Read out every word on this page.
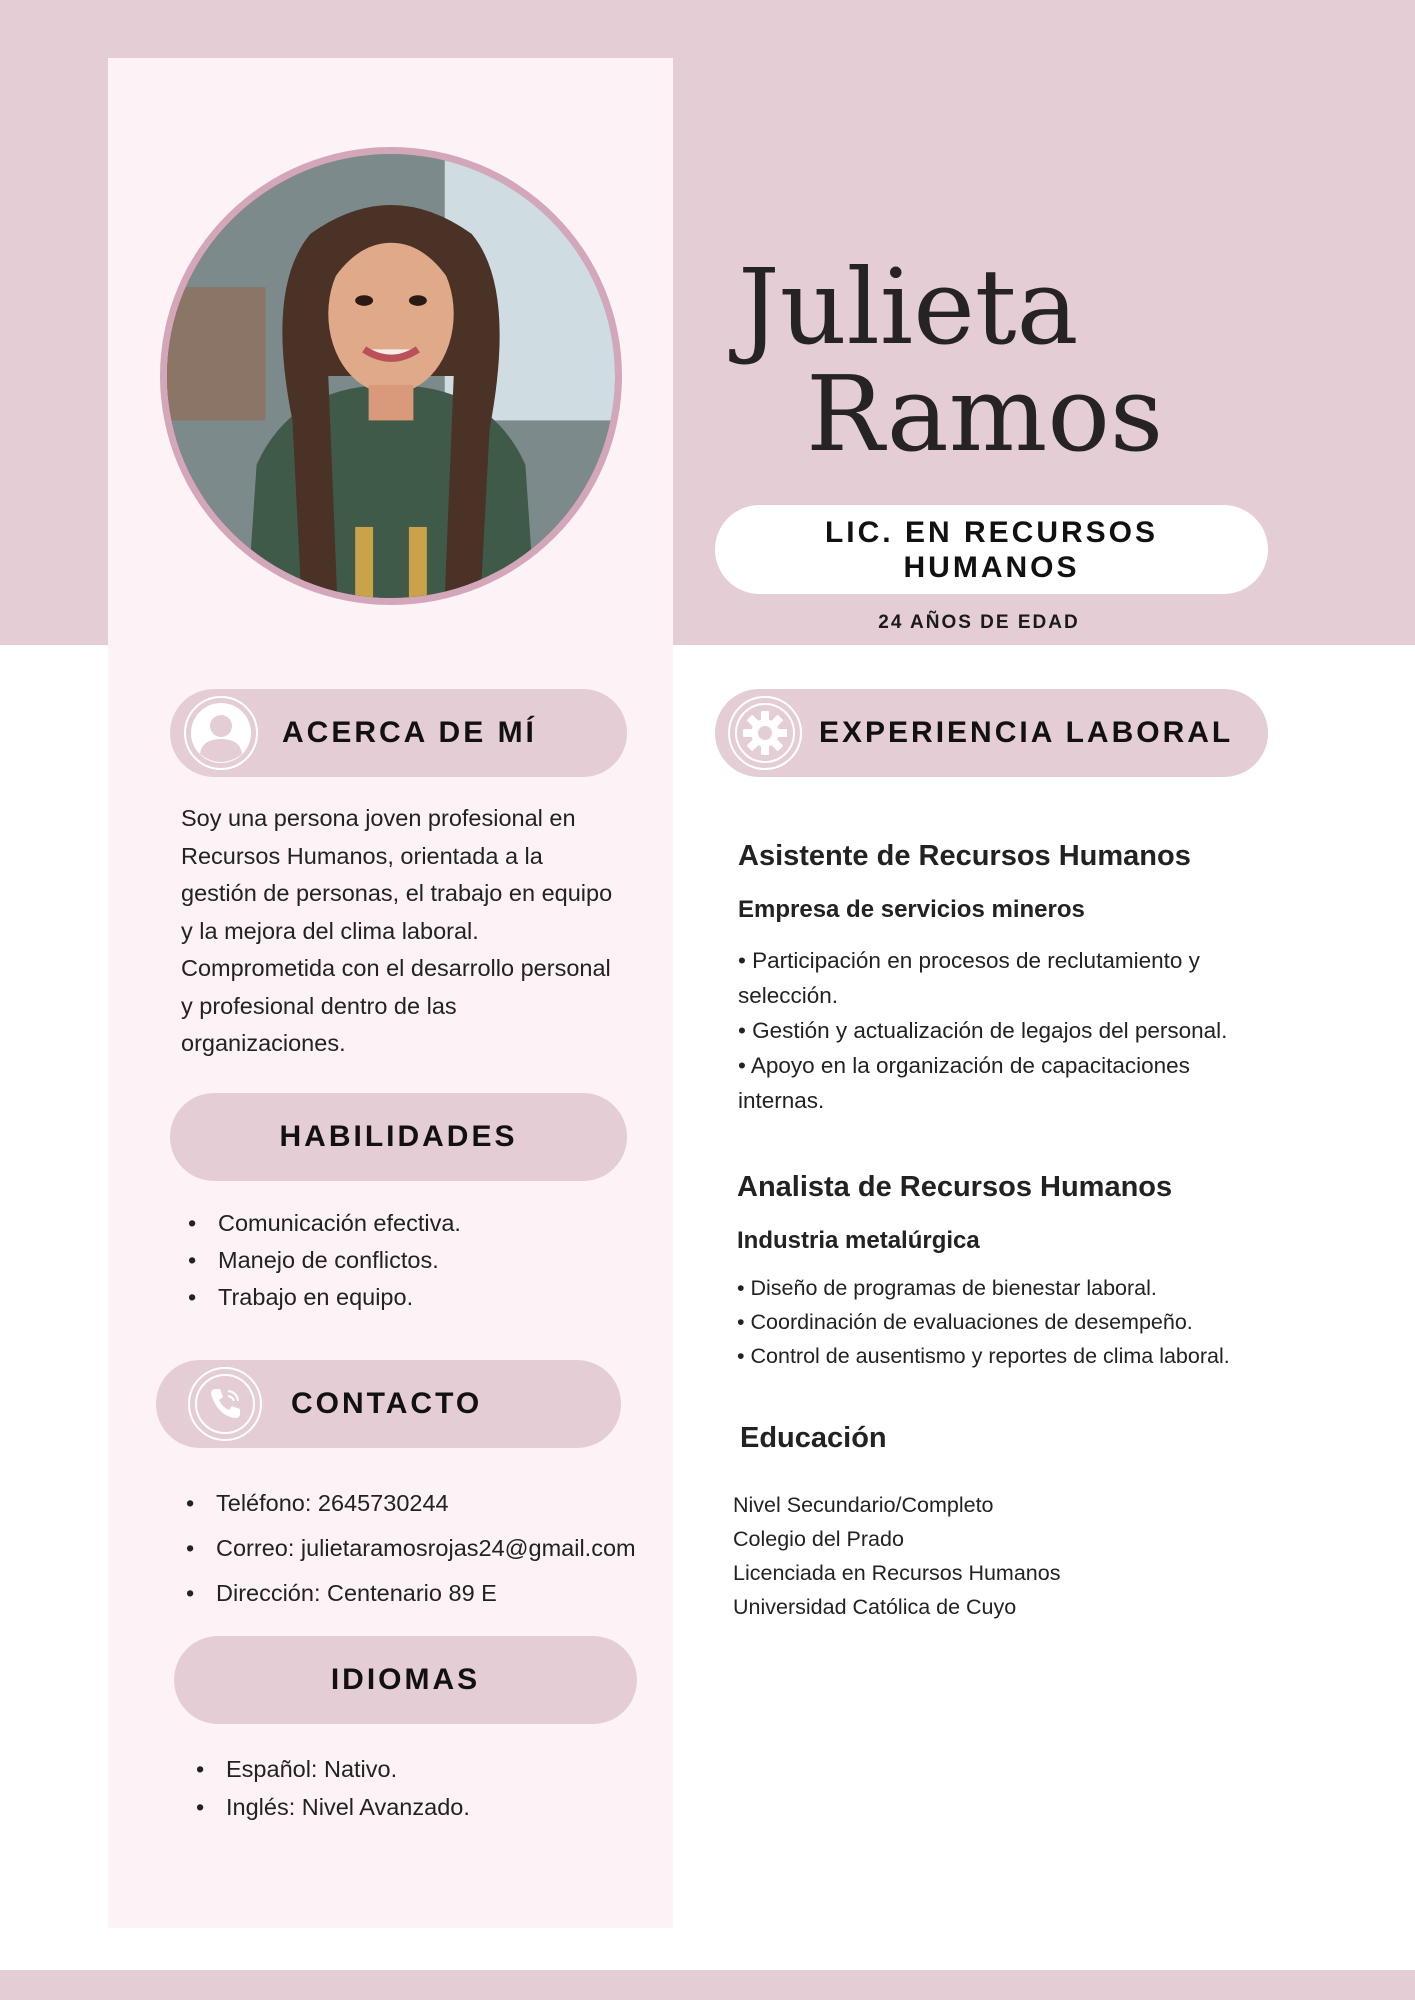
Julieta
Ramos
LIC. EN RECURSOS HUMANOS
24 AÑOS DE EDAD
ACERCA DE MÍ
Soy una persona joven profesional en Recursos Humanos, orientada a la gestión de personas, el trabajo en equipo y la mejora del clima laboral. Comprometida con el desarrollo personal y profesional dentro de las organizaciones.
HABILIDADES
• Comunicación efectiva.
• Manejo de conflictos.
• Trabajo en equipo.
CONTACTO
• Teléfono: 2645730244
• Correo: julietaramosrojas24@gmail.com
• Dirección: Centenario 89 E
IDIOMAS
• Español: Nativo.
• Inglés: Nivel Avanzado.
EXPERIENCIA LABORAL
Asistente de Recursos Humanos
Empresa de servicios mineros
• Participación en procesos de reclutamiento y selección.
• Gestión y actualización de legajos del personal.
• Apoyo en la organización de capacitaciones internas.
Analista de Recursos Humanos
Industria metalúrgica
• Diseño de programas de bienestar laboral.
• Coordinación de evaluaciones de desempeño.
• Control de ausentismo y reportes de clima laboral.
Educación
Nivel Secundario/Completo
Colegio del Prado
Licenciada en Recursos Humanos
Universidad Católica de Cuyo
